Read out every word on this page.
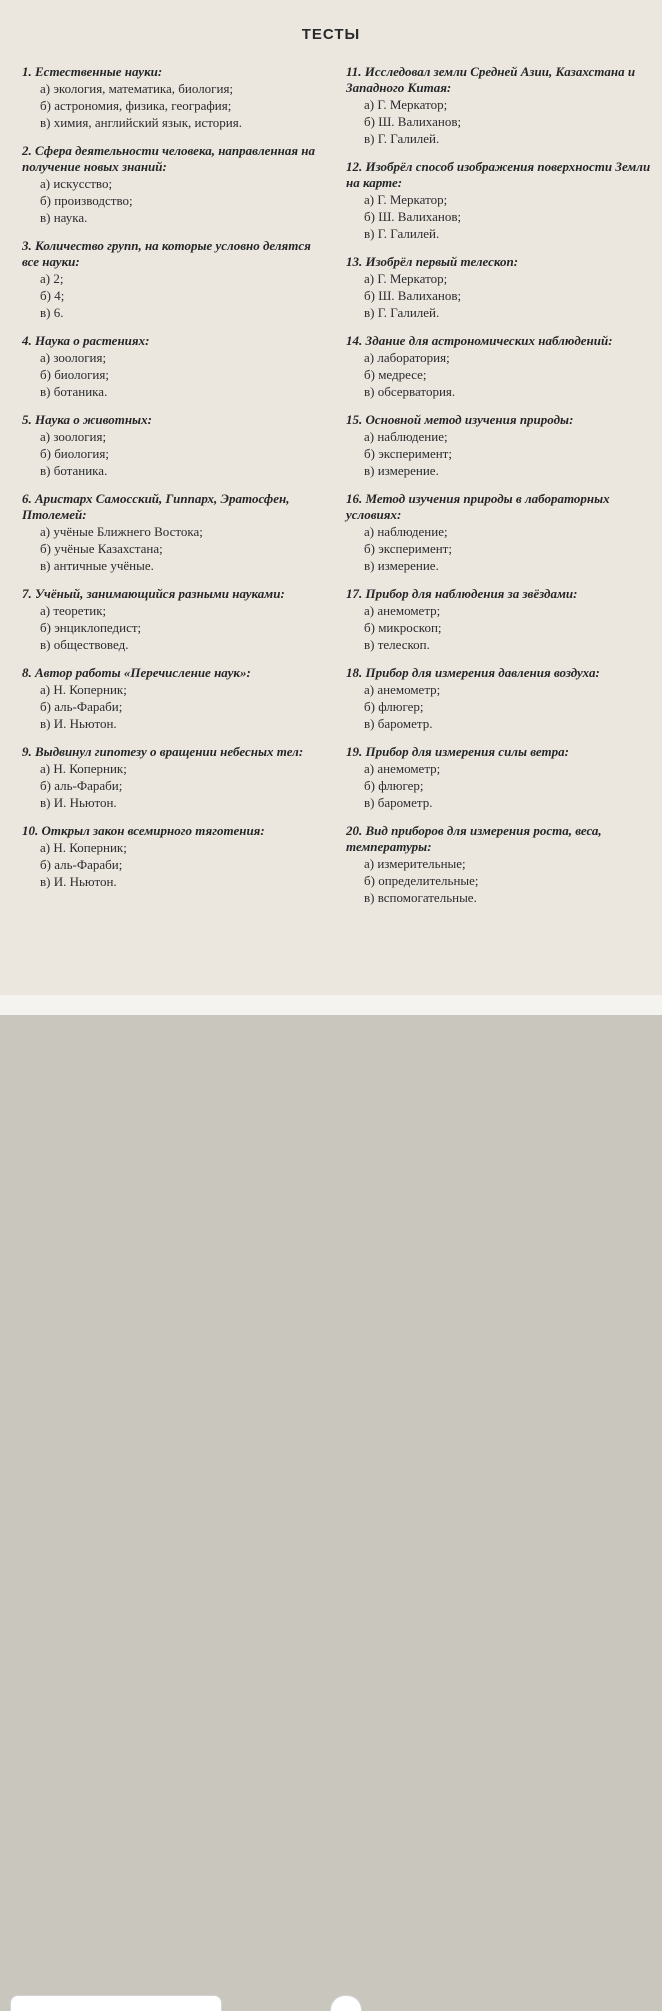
ТЕСТЫ
1. Естественные науки:
а) экология, математика, биология;
б) астрономия, физика, география;
в) химия, английский язык, история.
2. Сфера деятельности человека, направленная на получение новых знаний:
а) искусство;
б) производство;
в) наука.
3. Количество групп, на которые условно делятся все науки:
а) 2;
б) 4;
в) 6.
4. Наука о растениях:
а) зоология;
б) биология;
в) ботаника.
5. Наука о животных:
а) зоология;
б) биология;
в) ботаника.
6. Аристарх Самосский, Гиппарх, Эратосфен, Птолемей:
а) учёные Ближнего Востока;
б) учёные Казахстана;
в) античные учёные.
7. Учёный, занимающийся разными науками:
а) теоретик;
б) энциклопедист;
в) обществовед.
8. Автор работы «Перечисление наук»:
а) Н. Коперник;
б) аль-Фараби;
в) И. Ньютон.
9. Выдвинул гипотезу о вращении небесных тел:
а) Н. Коперник;
б) аль-Фараби;
в) И. Ньютон.
10. Открыл закон всемирного тяготения:
а) Н. Коперник;
б) аль-Фараби;
в) И. Ньютон.
11. Исследовал земли Средней Азии, Казахстана и Западного Китая:
а) Г. Меркатор;
б) Ш. Валиханов;
в) Г. Галилей.
12. Изобрёл способ изображения поверхности Земли на карте:
а) Г. Меркатор;
б) Ш. Валиханов;
в) Г. Галилей.
13. Изобрёл первый телескоп:
а) Г. Меркатор;
б) Ш. Валиханов;
в) Г. Галилей.
14. Здание для астрономических наблюдений:
а) лаборатория;
б) медресе;
в) обсерватория.
15. Основной метод изучения природы:
а) наблюдение;
б) эксперимент;
в) измерение.
16. Метод изучения природы в лабораторных условиях:
а) наблюдение;
б) эксперимент;
в) измерение.
17. Прибор для наблюдения за звёздами:
а) анемометр;
б) микроскоп;
в) телескоп.
18. Прибор для измерения давления воздуха:
а) анемометр;
б) флюгер;
в) барометр.
19. Прибор для измерения силы ветра:
а) анемометр;
б) флюгер;
в) барометр.
20. Вид приборов для измерения роста, веса, температуры:
а) измерительные;
б) определительные;
в) вспомогательные.
